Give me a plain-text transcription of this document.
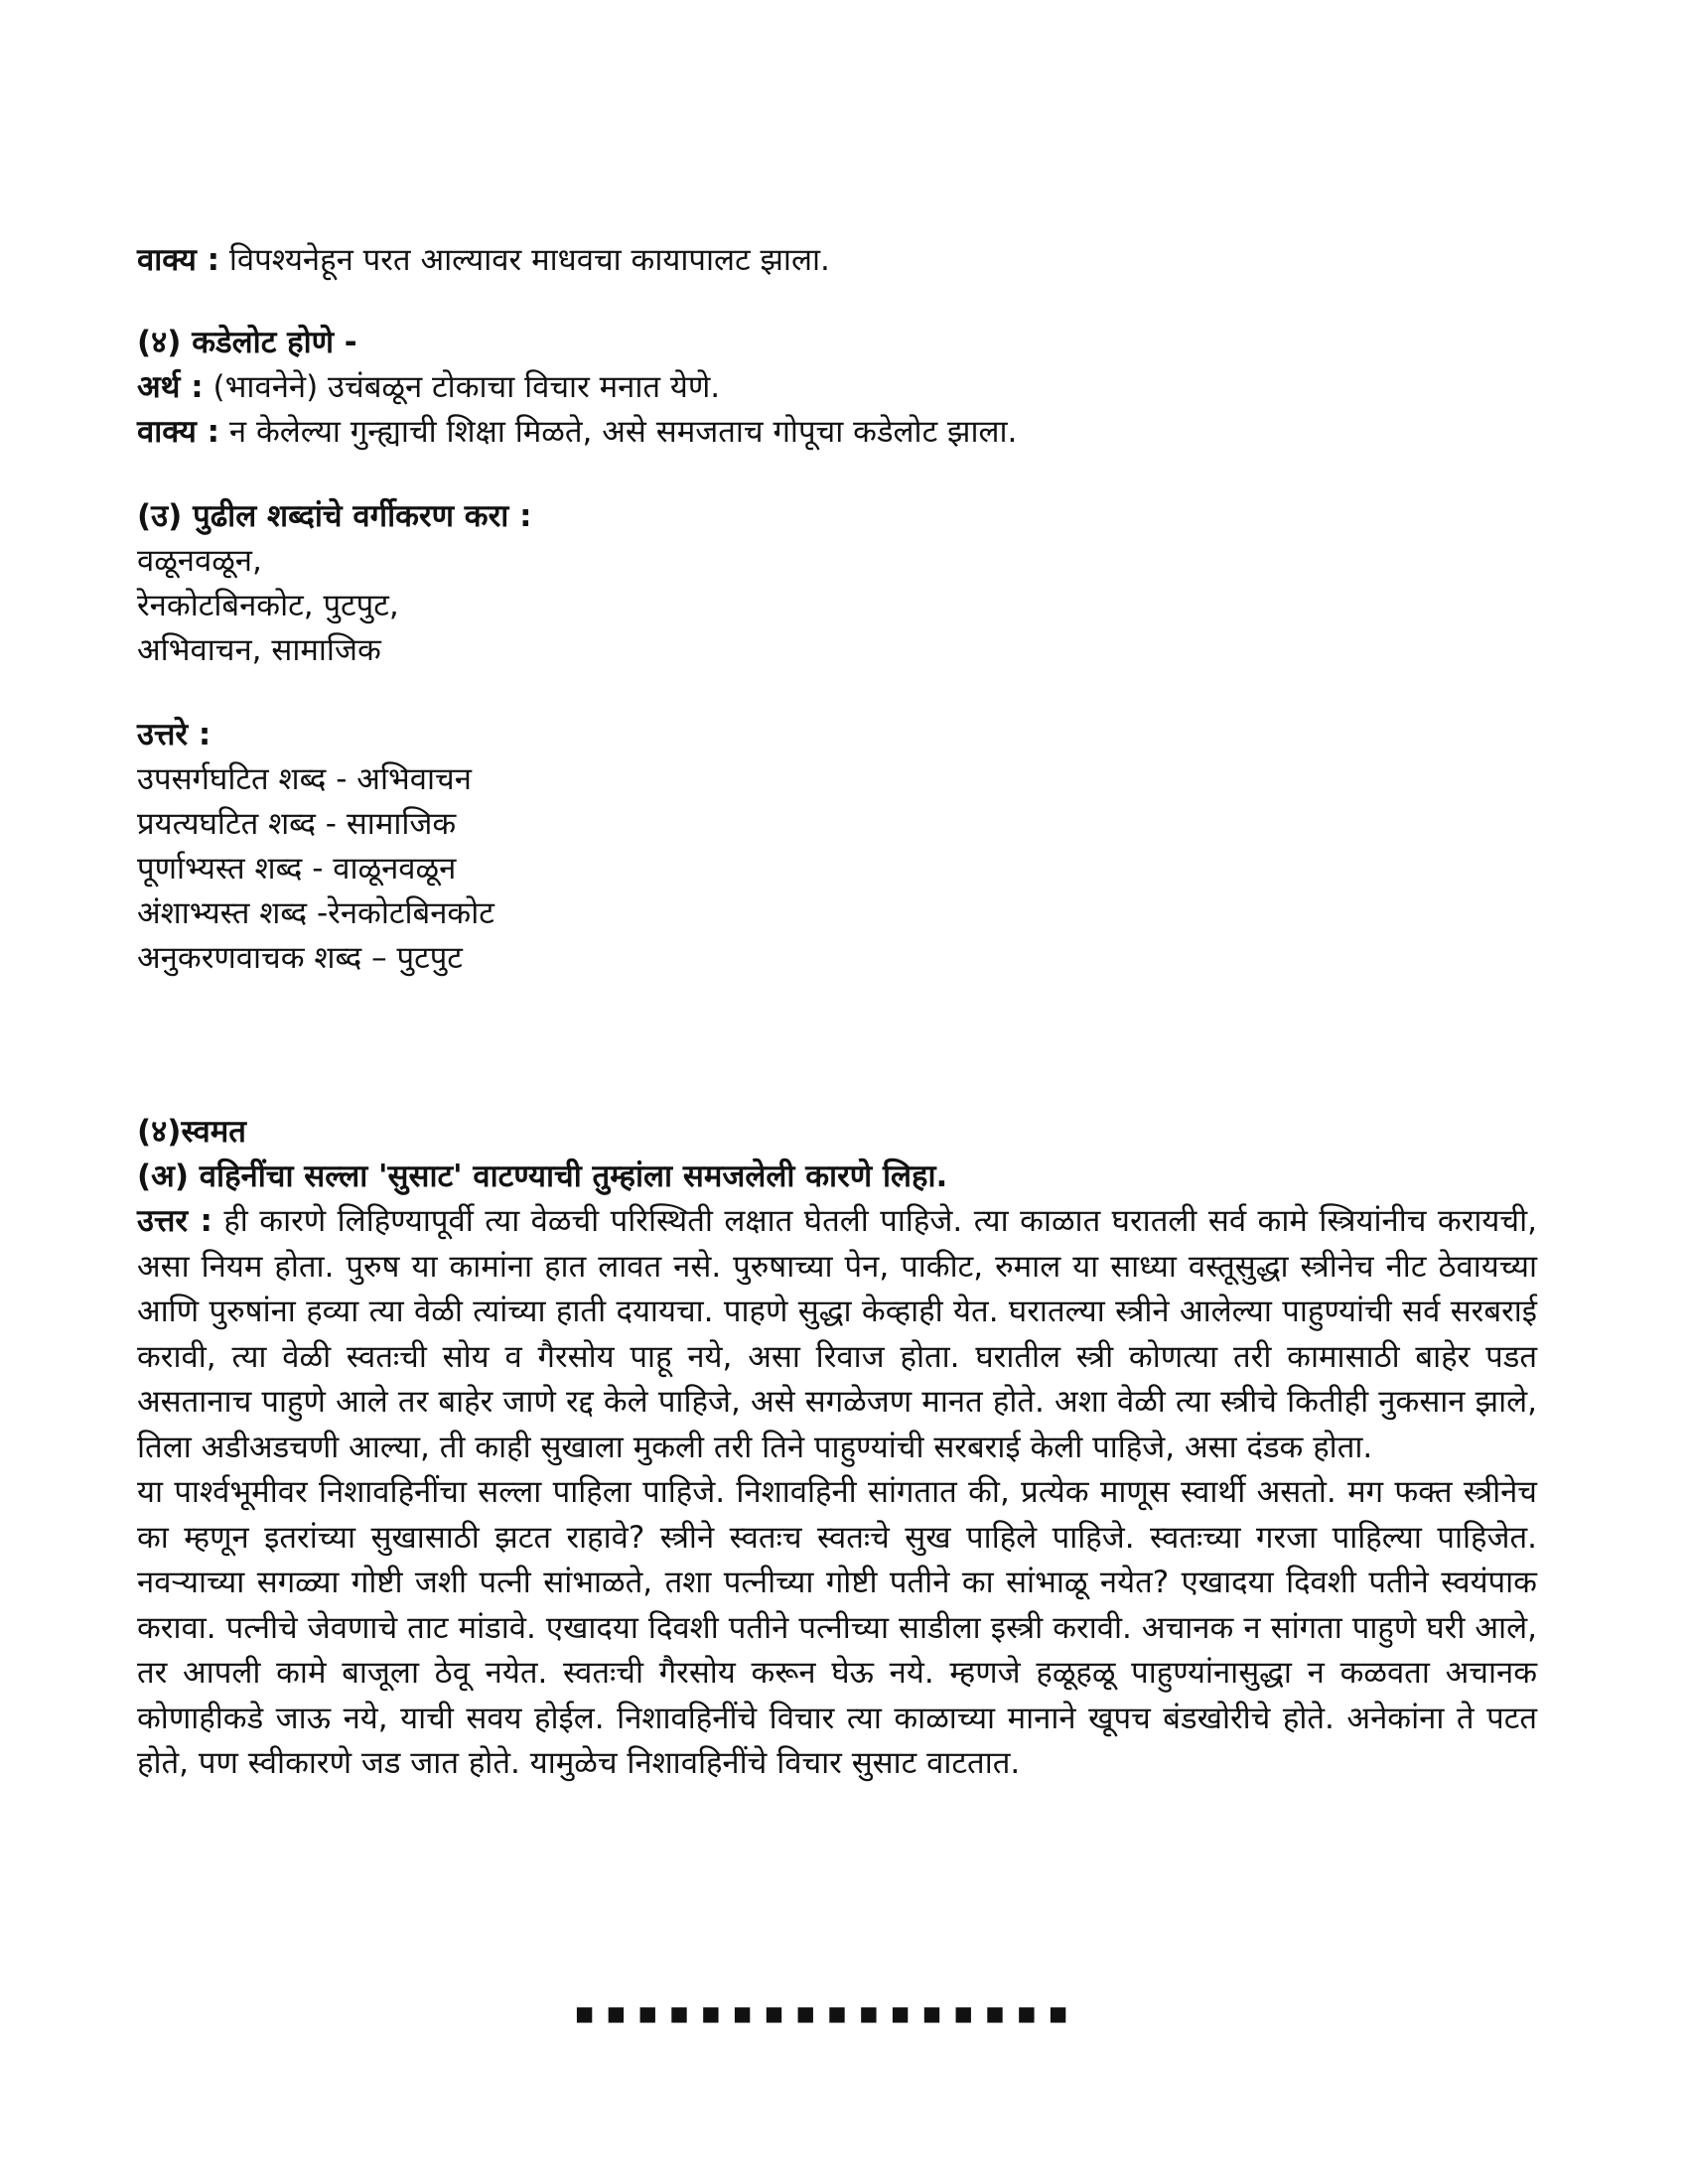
वाक्य : विपश्यनेहून परत आल्यावर माधवचा कायापालट झाला.

(४) कडेलोट होणे -

अर्थ : (भावनेने) उचंबळून टोकाचा विचार मनात येणे.

वाक्य : न केलेल्या गुन्ह्याची शिक्षा मिळते, असे समजताच गोपूचा कडेलोट झाला.

(उ) पुढील शब्दांचे वर्गीकरण करा :

वळूनवळून,

रेनकोटबिनकोट, पुटपुट,

अभिवाचन, सामाजिक

उत्तरे :

उपसर्गघटित शब्द - अभिवाचन

प्रयत्यघटित शब्द - सामाजिक

पूर्णाभ्यस्त शब्द - वाळूनवळून

अंशाभ्यस्त शब्द -रेनकोटबिनकोट

अनुकरणवाचक शब्द – पुटपुट

(४)स्वमत

(अ) वहिनींचा सल्ला 'सुसाट' वाटण्याची तुम्हांला समजलेली कारणे लिहा.

उत्तर : ही कारणे लिहिण्यापूर्वी त्या वेळची परिस्थिती लक्षात घेतली पाहिजे. त्या काळात घरातली सर्व कामे स्त्रियांनीच करायची, असा नियम होता. पुरुष या कामांना हात लावत नसे. पुरुषाच्या पेन, पाकीट, रुमाल या साध्या वस्तूसुद्धा स्त्रीनेच नीट ठेवायच्या आणि पुरुषांना हव्या त्या वेळी त्यांच्या हाती दयायचा. पाहणे सुद्धा केव्हाही येत. घरातल्या स्त्रीने आलेल्या पाहुण्यांची सर्व सरबराई करावी, त्या वेळी स्वतःची सोय व गैरसोय पाहू नये, असा रिवाज होता. घरातील स्त्री कोणत्या तरी कामासाठी बाहेर पडत असतानाच पाहुणे आले तर बाहेर जाणे रद्द केले पाहिजे, असे सगळेजण मानत होते. अशा वेळी त्या स्त्रीचे कितीही नुकसान झाले, तिला अडीअडचणी आल्या, ती काही सुखाला मुकली तरी तिने पाहुण्यांची सरबराई केली पाहिजे, असा दंडक होता.

या पार्श्वभूमीवर निशावहिनींचा सल्ला पाहिला पाहिजे. निशावहिनी सांगतात की, प्रत्येक माणूस स्वार्थी असतो. मग फक्त स्त्रीनेच का म्हणून इतरांच्या सुखासाठी झटत राहावे? स्त्रीने स्वतःच स्वतःचे सुख पाहिले पाहिजे. स्वतःच्या गरजा पाहिल्या पाहिजेत. नवऱ्याच्या सगळ्या गोष्टी जशी पत्नी सांभाळते, तशा पत्नीच्या गोष्टी पतीने का सांभाळू नयेत? एखादया दिवशी पतीने स्वयंपाक करावा. पत्नीचे जेवणाचे ताट मांडावे. एखादया दिवशी पतीने पत्नीच्या साडीला इस्त्री करावी. अचानक न सांगता पाहुणे घरी आले, तर आपली कामे बाजूला ठेवू नयेत. स्वतःची गैरसोय करून घेऊ नये. म्हणजे हळूहळू पाहुण्यांनासुद्धा न कळवता अचानक कोणाहीकडे जाऊ नये, याची सवय होईल. निशावहिनींचे विचार त्या काळाच्या मानाने खूपच बंडखोरीचे होते. अनेकांना ते पटत होते, पण स्वीकारणे जड जात होते. यामुळेच निशावहिनींचे विचार सुसाट वाटतात.

▪ ▪ ▪ ▪ ▪ ▪ ▪ ▪ ▪ ▪ ▪ ▪ ▪ ▪ ▪ ▪
